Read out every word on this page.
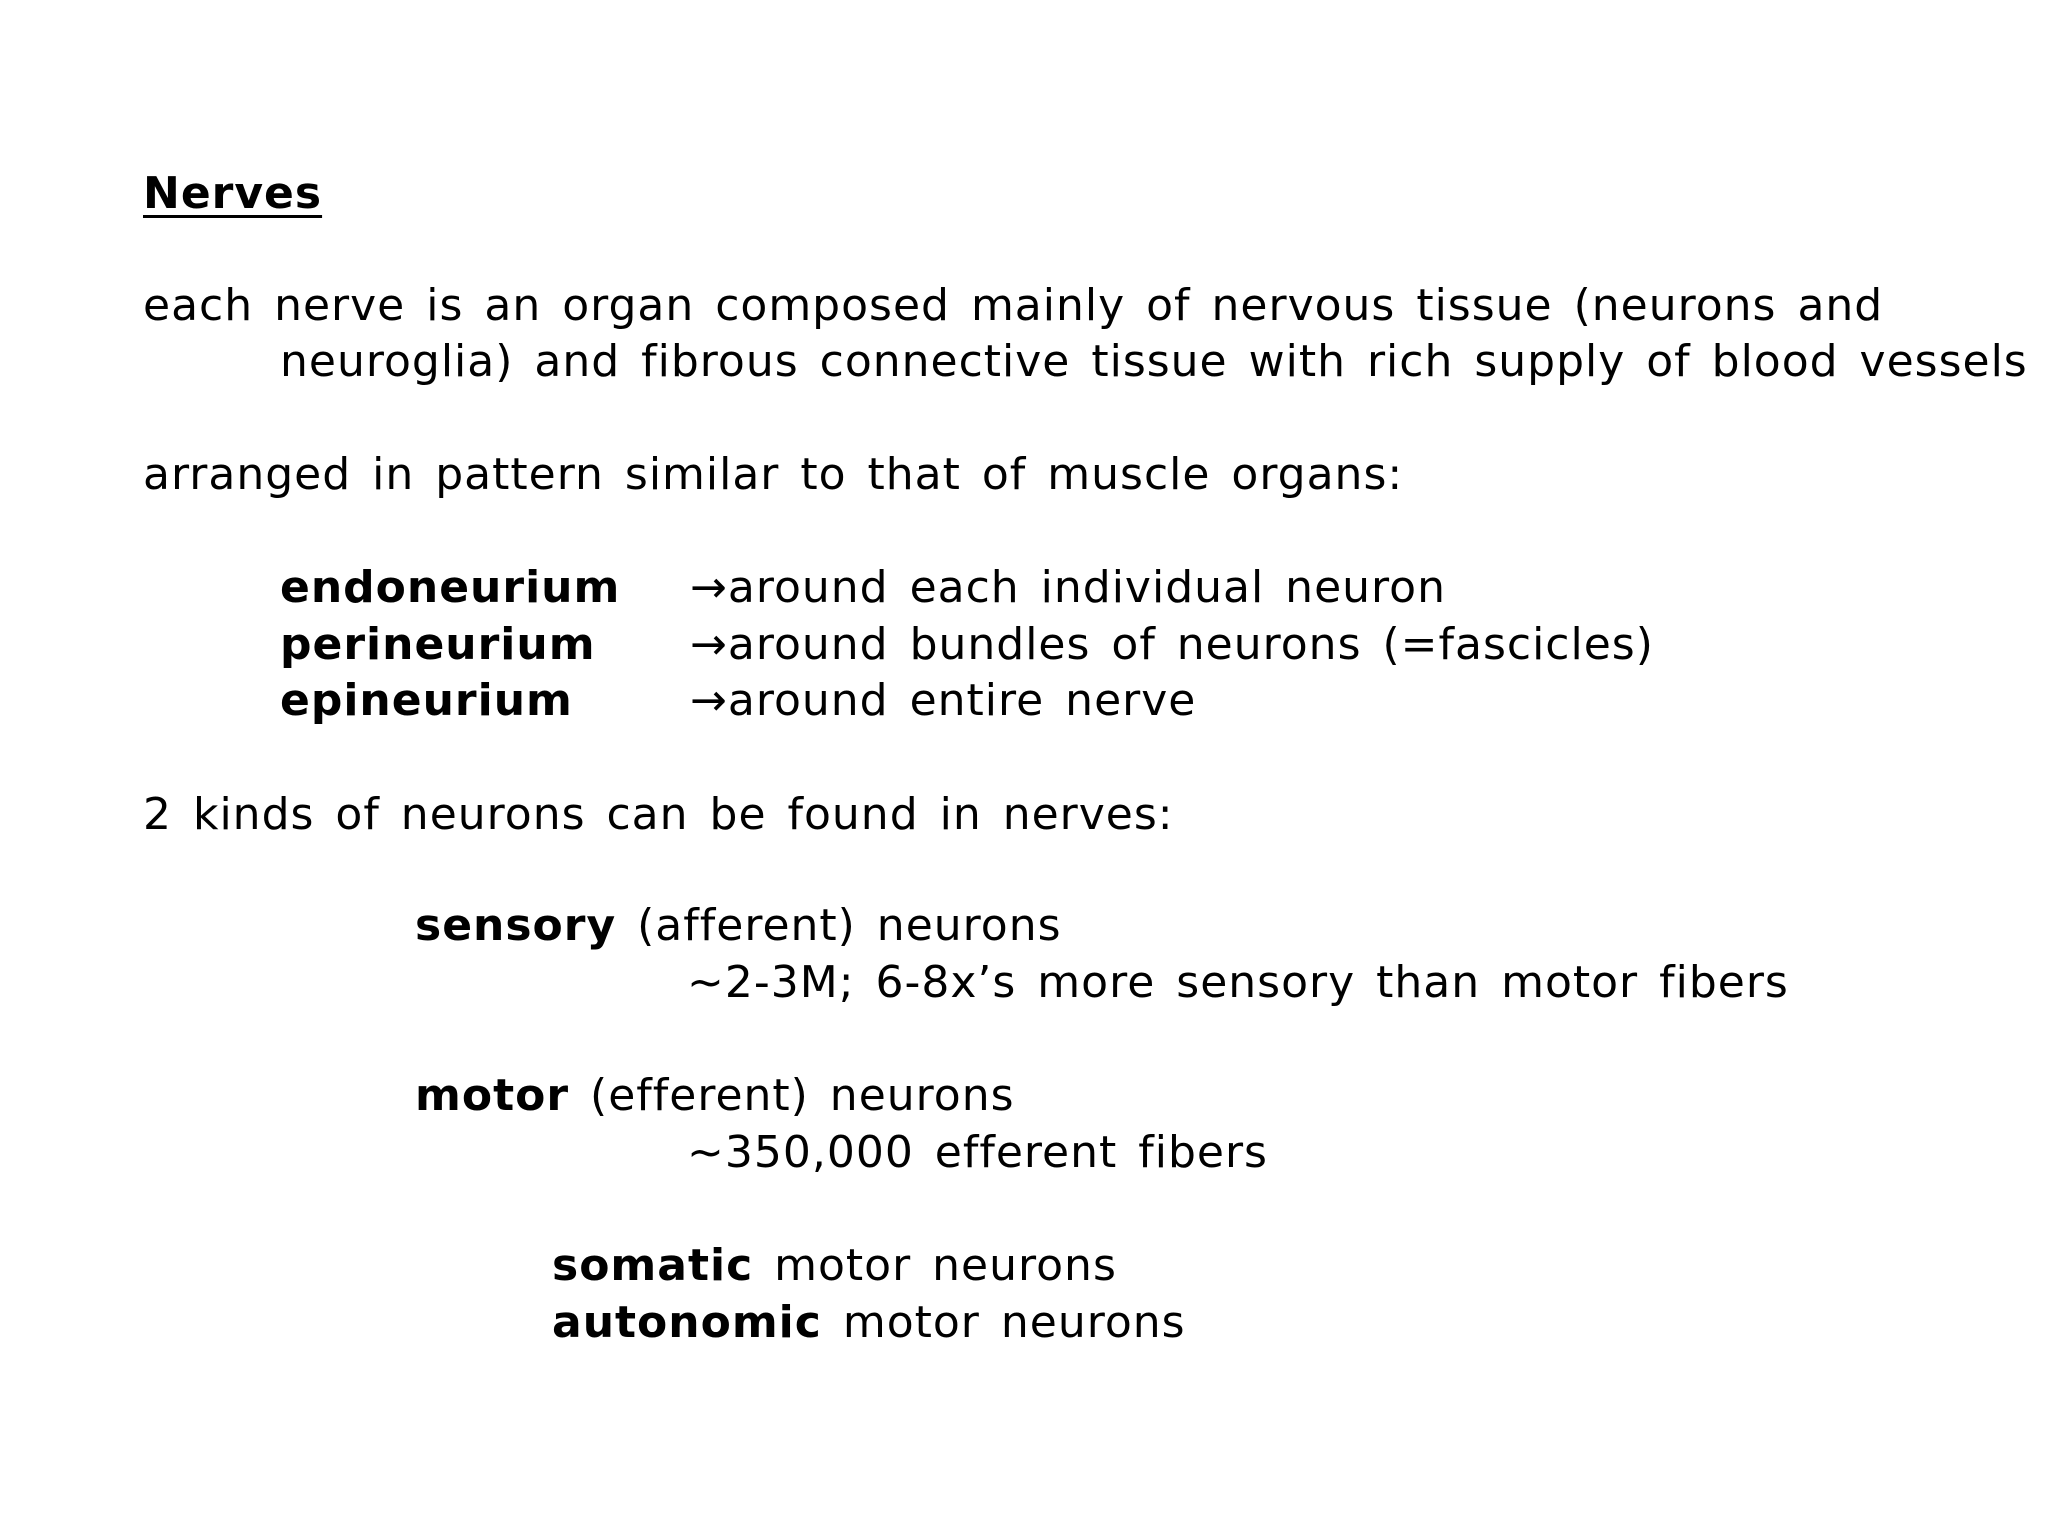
Nerves
each nerve is an organ composed mainly of nervous tissue (neurons and
neuroglia) and fibrous connective tissue with rich supply of blood vessels
arranged in pattern similar to that of muscle organs:
endoneurium →around each individual neuron
perineurium →around bundles of neurons (=fascicles)
epineurium	→around entire nerve
2 kinds of neurons can be found in nerves:
sensory (afferent) neurons
~2-3M; 6-8x’s more sensory than motor fibers
motor (efferent) neurons
~350,000 efferent fibers
somatic motor neurons
autonomic motor neurons
